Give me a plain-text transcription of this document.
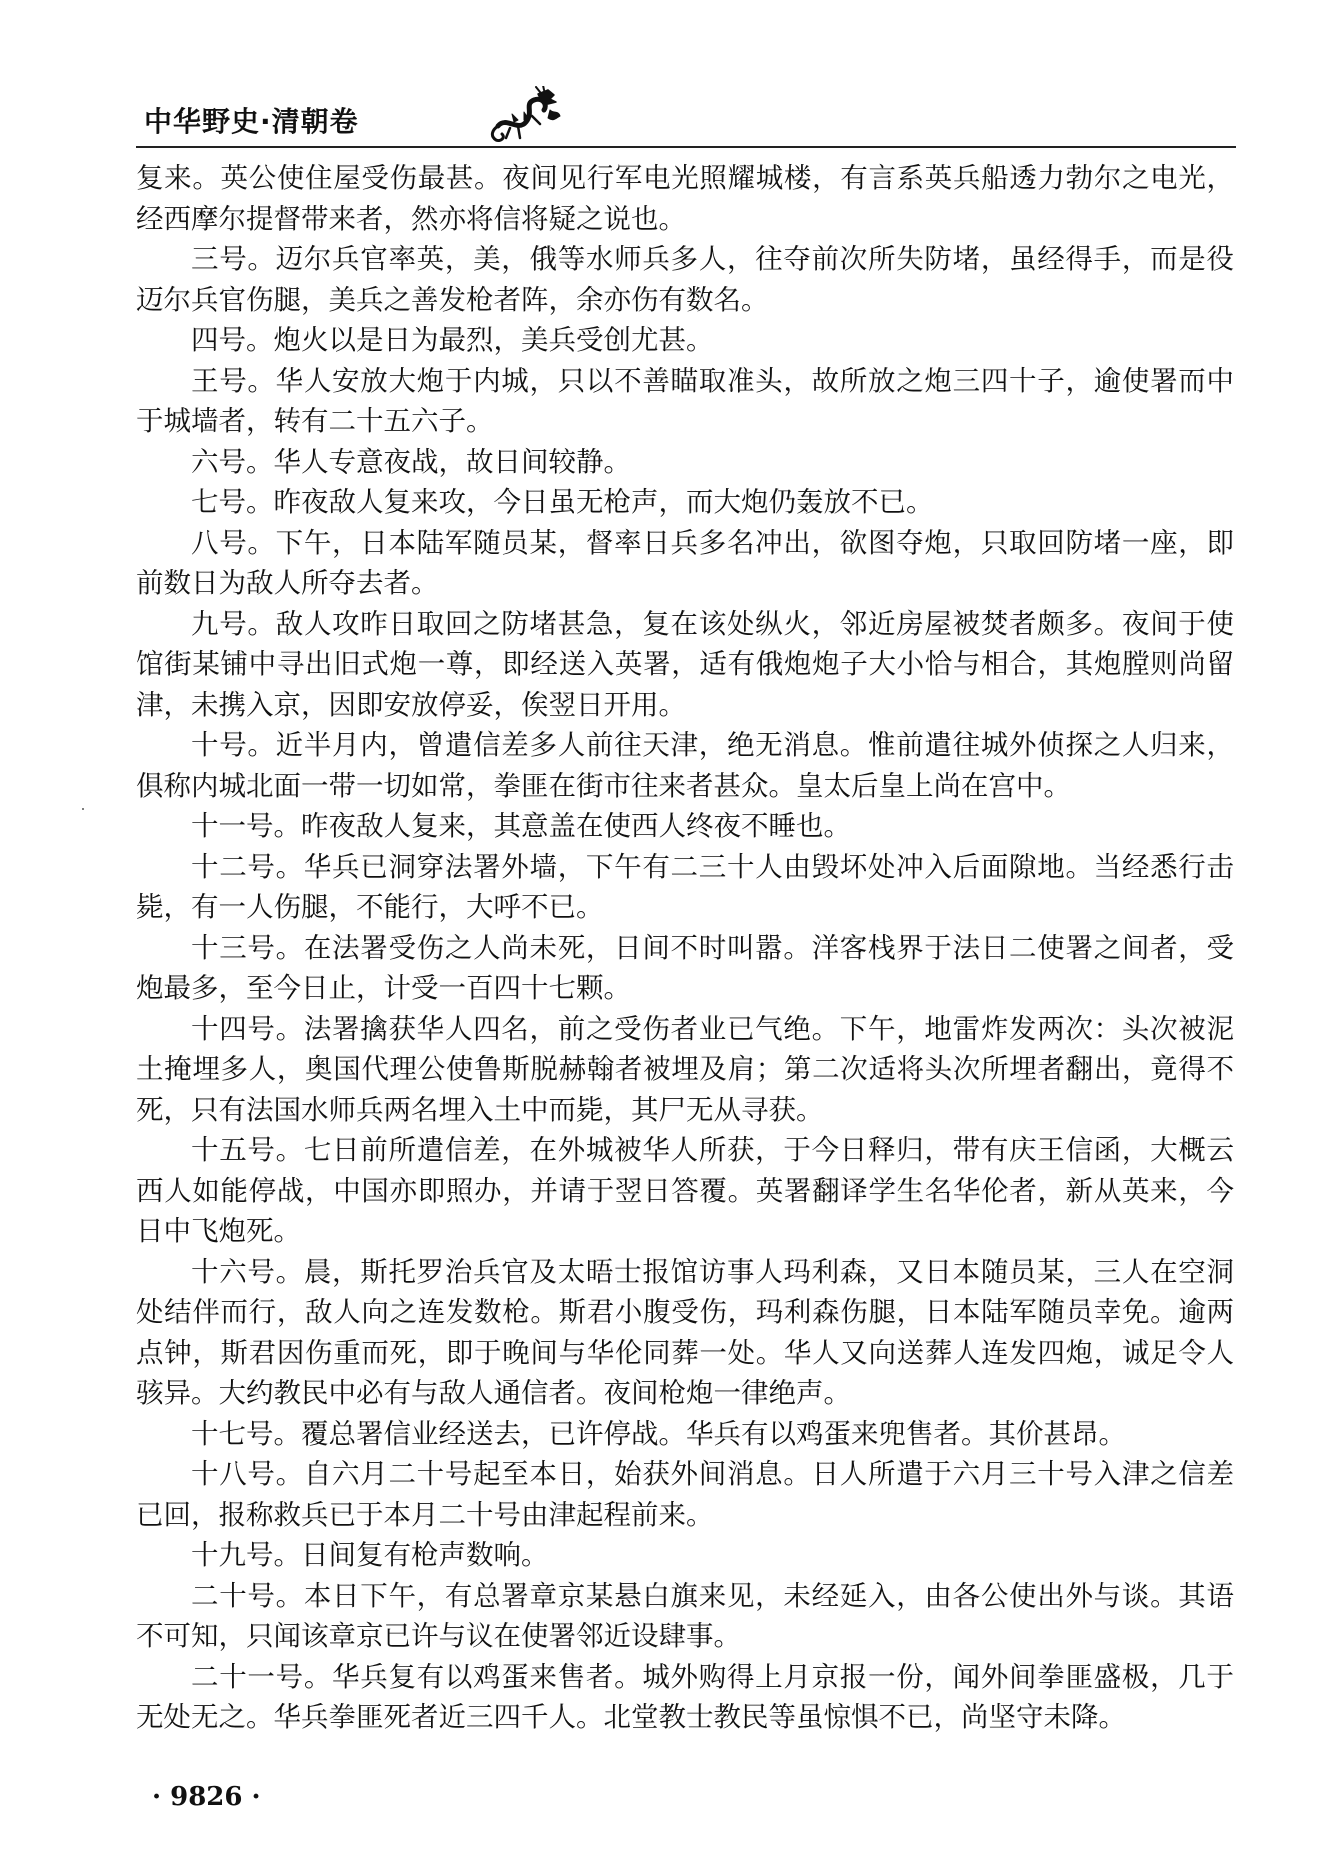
中华野史·清朝卷

复来。英公使住屋受伤最甚。夜间见行军电光照耀城楼，有言系英兵船透力勃尔之电光，经西摩尔提督带来者，然亦将信将疑之说也。

三号。迈尔兵官率英，美，俄等水师兵多人，往夺前次所失防堵，虽经得手，而是役迈尔兵官伤腿，美兵之善发枪者阵，余亦伤有数名。

四号。炮火以是日为最烈，美兵受创尤甚。

王号。华人安放大炮于内城，只以不善瞄取准头，故所放之炮三四十子，逾使署而中于城墙者，转有二十五六子。

六号。华人专意夜战，故日间较静。

七号。昨夜敌人复来攻，今日虽无枪声，而大炮仍轰放不已。

八号。下午，日本陆军随员某，督率日兵多名冲出，欲图夺炮，只取回防堵一座，即前数日为敌人所夺去者。

九号。敌人攻昨日取回之防堵甚急，复在该处纵火，邻近房屋被焚者颇多。夜间于使馆街某铺中寻出旧式炮一尊，即经送入英署，适有俄炮炮子大小恰与相合，其炮膛则尚留津，未携入京，因即安放停妥，俟翌日开用。

十号。近半月内，曾遣信差多人前往天津，绝无消息。惟前遣往城外侦探之人归来，俱称内城北面一带一切如常，拳匪在街市往来者甚众。皇太后皇上尚在宫中。

十一号。昨夜敌人复来，其意盖在使西人终夜不睡也。

十二号。华兵已洞穿法署外墙，下午有二三十人由毁坏处冲入后面隙地。当经悉行击毙，有一人伤腿，不能行，大呼不已。

十三号。在法署受伤之人尚未死，日间不时叫嚣。洋客栈界于法日二使署之间者，受炮最多，至今日止，计受一百四十七颗。

十四号。法署擒获华人四名，前之受伤者业已气绝。下午，地雷炸发两次：头次被泥土掩埋多人，奥国代理公使鲁斯脱赫翰者被埋及肩；第二次适将头次所埋者翻出，竟得不死，只有法国水师兵两名埋入土中而毙，其尸无从寻获。

十五号。七日前所遣信差，在外城被华人所获，于今日释归，带有庆王信函，大概云西人如能停战，中国亦即照办，并请于翌日答覆。英署翻译学生名华伦者，新从英来，今日中飞炮死。

十六号。晨，斯托罗治兵官及太晤士报馆访事人玛利森，又日本随员某，三人在空洞处结伴而行，敌人向之连发数枪。斯君小腹受伤，玛利森伤腿，日本陆军随员幸免。逾两点钟，斯君因伤重而死，即于晚间与华伦同葬一处。华人又向送葬人连发四炮，诚足令人骇异。大约教民中必有与敌人通信者。夜间枪炮一律绝声。

十七号。覆总署信业经送去，已许停战。华兵有以鸡蛋来兜售者。其价甚昂。

十八号。自六月二十号起至本日，始获外间消息。日人所遣于六月三十号入津之信差已回，报称救兵已于本月二十号由津起程前来。

十九号。日间复有枪声数响。

二十号。本日下午，有总署章京某悬白旗来见，未经延入，由各公使出外与谈。其语不可知，只闻该章京已许与议在使署邻近设肆事。

二十一号。华兵复有以鸡蛋来售者。城外购得上月京报一份，闻外间拳匪盛极，几于无处无之。华兵拳匪死者近三四千人。北堂教士教民等虽惊惧不已，尚坚守未降。

· 9826 ·
